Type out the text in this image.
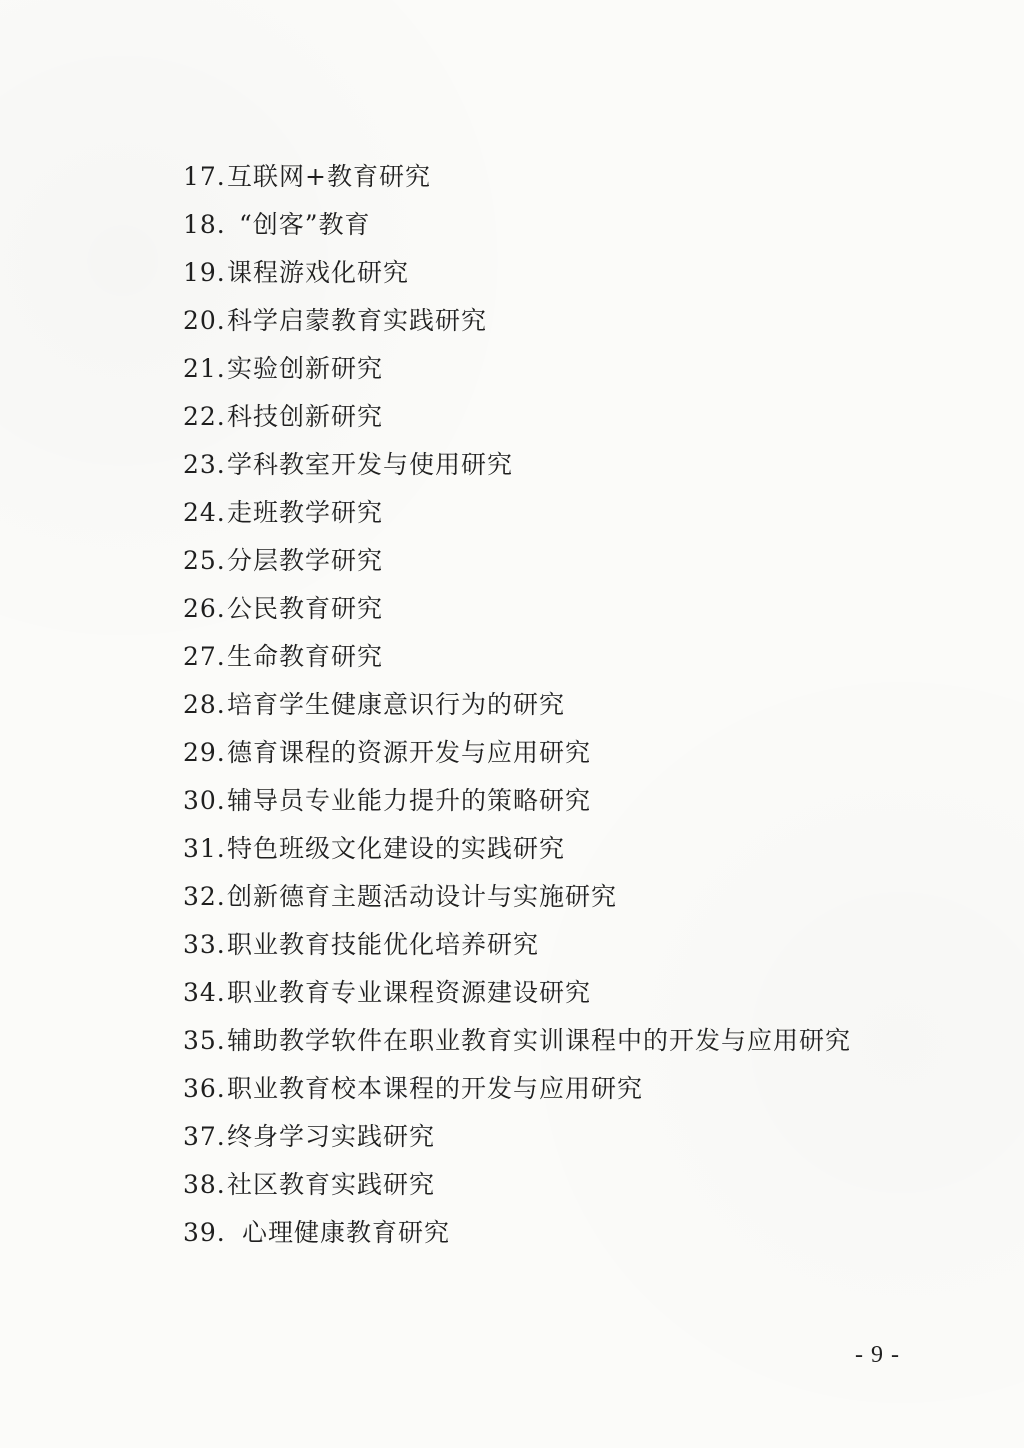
17. 互联网+教育研究
18. “创客”教育
19. 课程游戏化研究
20. 科学启蒙教育实践研究
21. 实验创新研究
22. 科技创新研究
23. 学科教室开发与使用研究
24. 走班教学研究
25. 分层教学研究
26. 公民教育研究
27. 生命教育研究
28. 培育学生健康意识行为的研究
29. 德育课程的资源开发与应用研究
30. 辅导员专业能力提升的策略研究
31. 特色班级文化建设的实践研究
32. 创新德育主题活动设计与实施研究
33. 职业教育技能优化培养研究
34. 职业教育专业课程资源建设研究
35. 辅助教学软件在职业教育实训课程中的开发与应用研究
36. 职业教育校本课程的开发与应用研究
37. 终身学习实践研究
38. 社区教育实践研究
39. 心理健康教育研究
- 9 -
